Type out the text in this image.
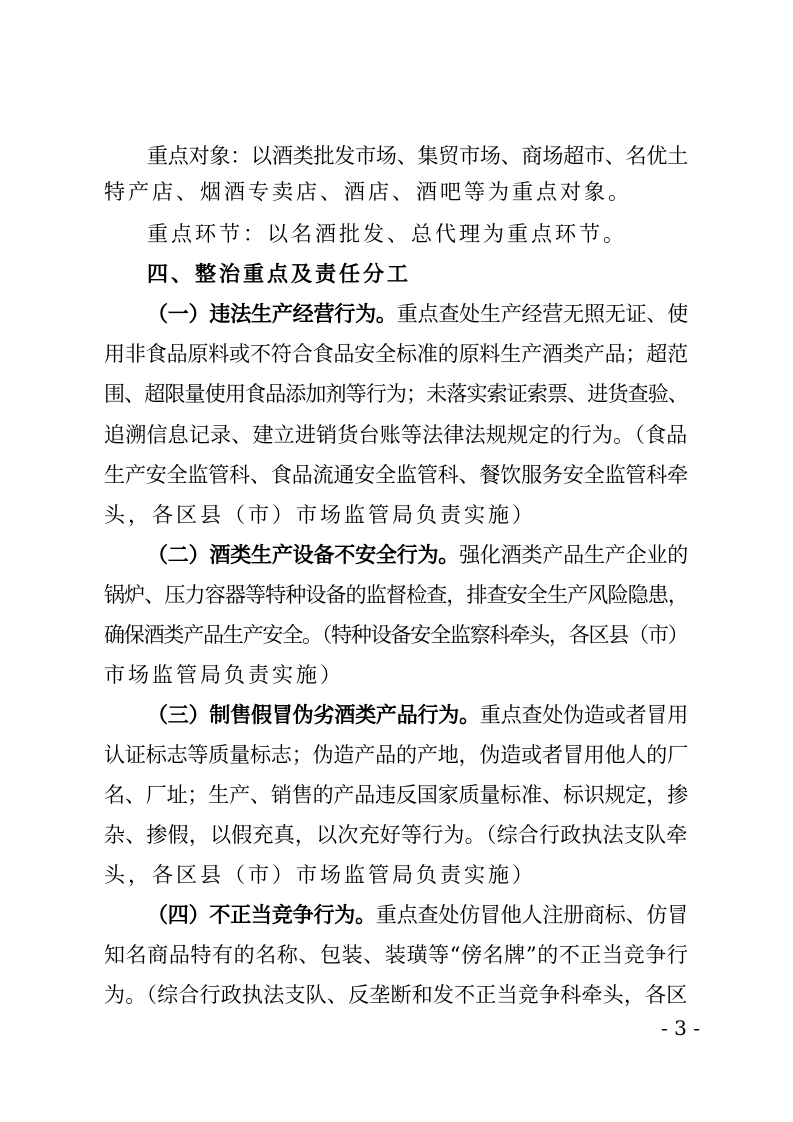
重点对象：以酒类批发市场、集贸市场、商场超市、名优土
特产店、烟酒专卖店、酒店、酒吧等为重点对象。
重点环节：以名酒批发、总代理为重点环节。
四、整治重点及责任分工
（一）违法生产经营行为。重点查处生产经营无照无证、使
用非食品原料或不符合食品安全标准的原料生产酒类产品；超范
围、超限量使用食品添加剂等行为；未落实索证索票、进货查验、
追溯信息记录、建立进销货台账等法律法规规定的行为。（食品
生产安全监管科、食品流通安全监管科、餐饮服务安全监管科牵
头，各区县（市）市场监管局负责实施）
（二）酒类生产设备不安全行为。强化酒类产品生产企业的
锅炉、压力容器等特种设备的监督检查，排查安全生产风险隐患，
确保酒类产品生产安全。（特种设备安全监察科牵头，各区县（市）
市场监管局负责实施）
（三）制售假冒伪劣酒类产品行为。重点查处伪造或者冒用
认证标志等质量标志；伪造产品的产地，伪造或者冒用他人的厂
名、厂址；生产、销售的产品违反国家质量标准、标识规定，掺
杂、掺假，以假充真，以次充好等行为。（综合行政执法支队牵
头，各区县（市）市场监管局负责实施）
（四）不正当竞争行为。重点查处仿冒他人注册商标、仿冒
知名商品特有的名称、包装、装璜等“傍名牌”的不正当竞争行
为。（综合行政执法支队、反垄断和发不正当竞争科牵头，各区
- 3 -
